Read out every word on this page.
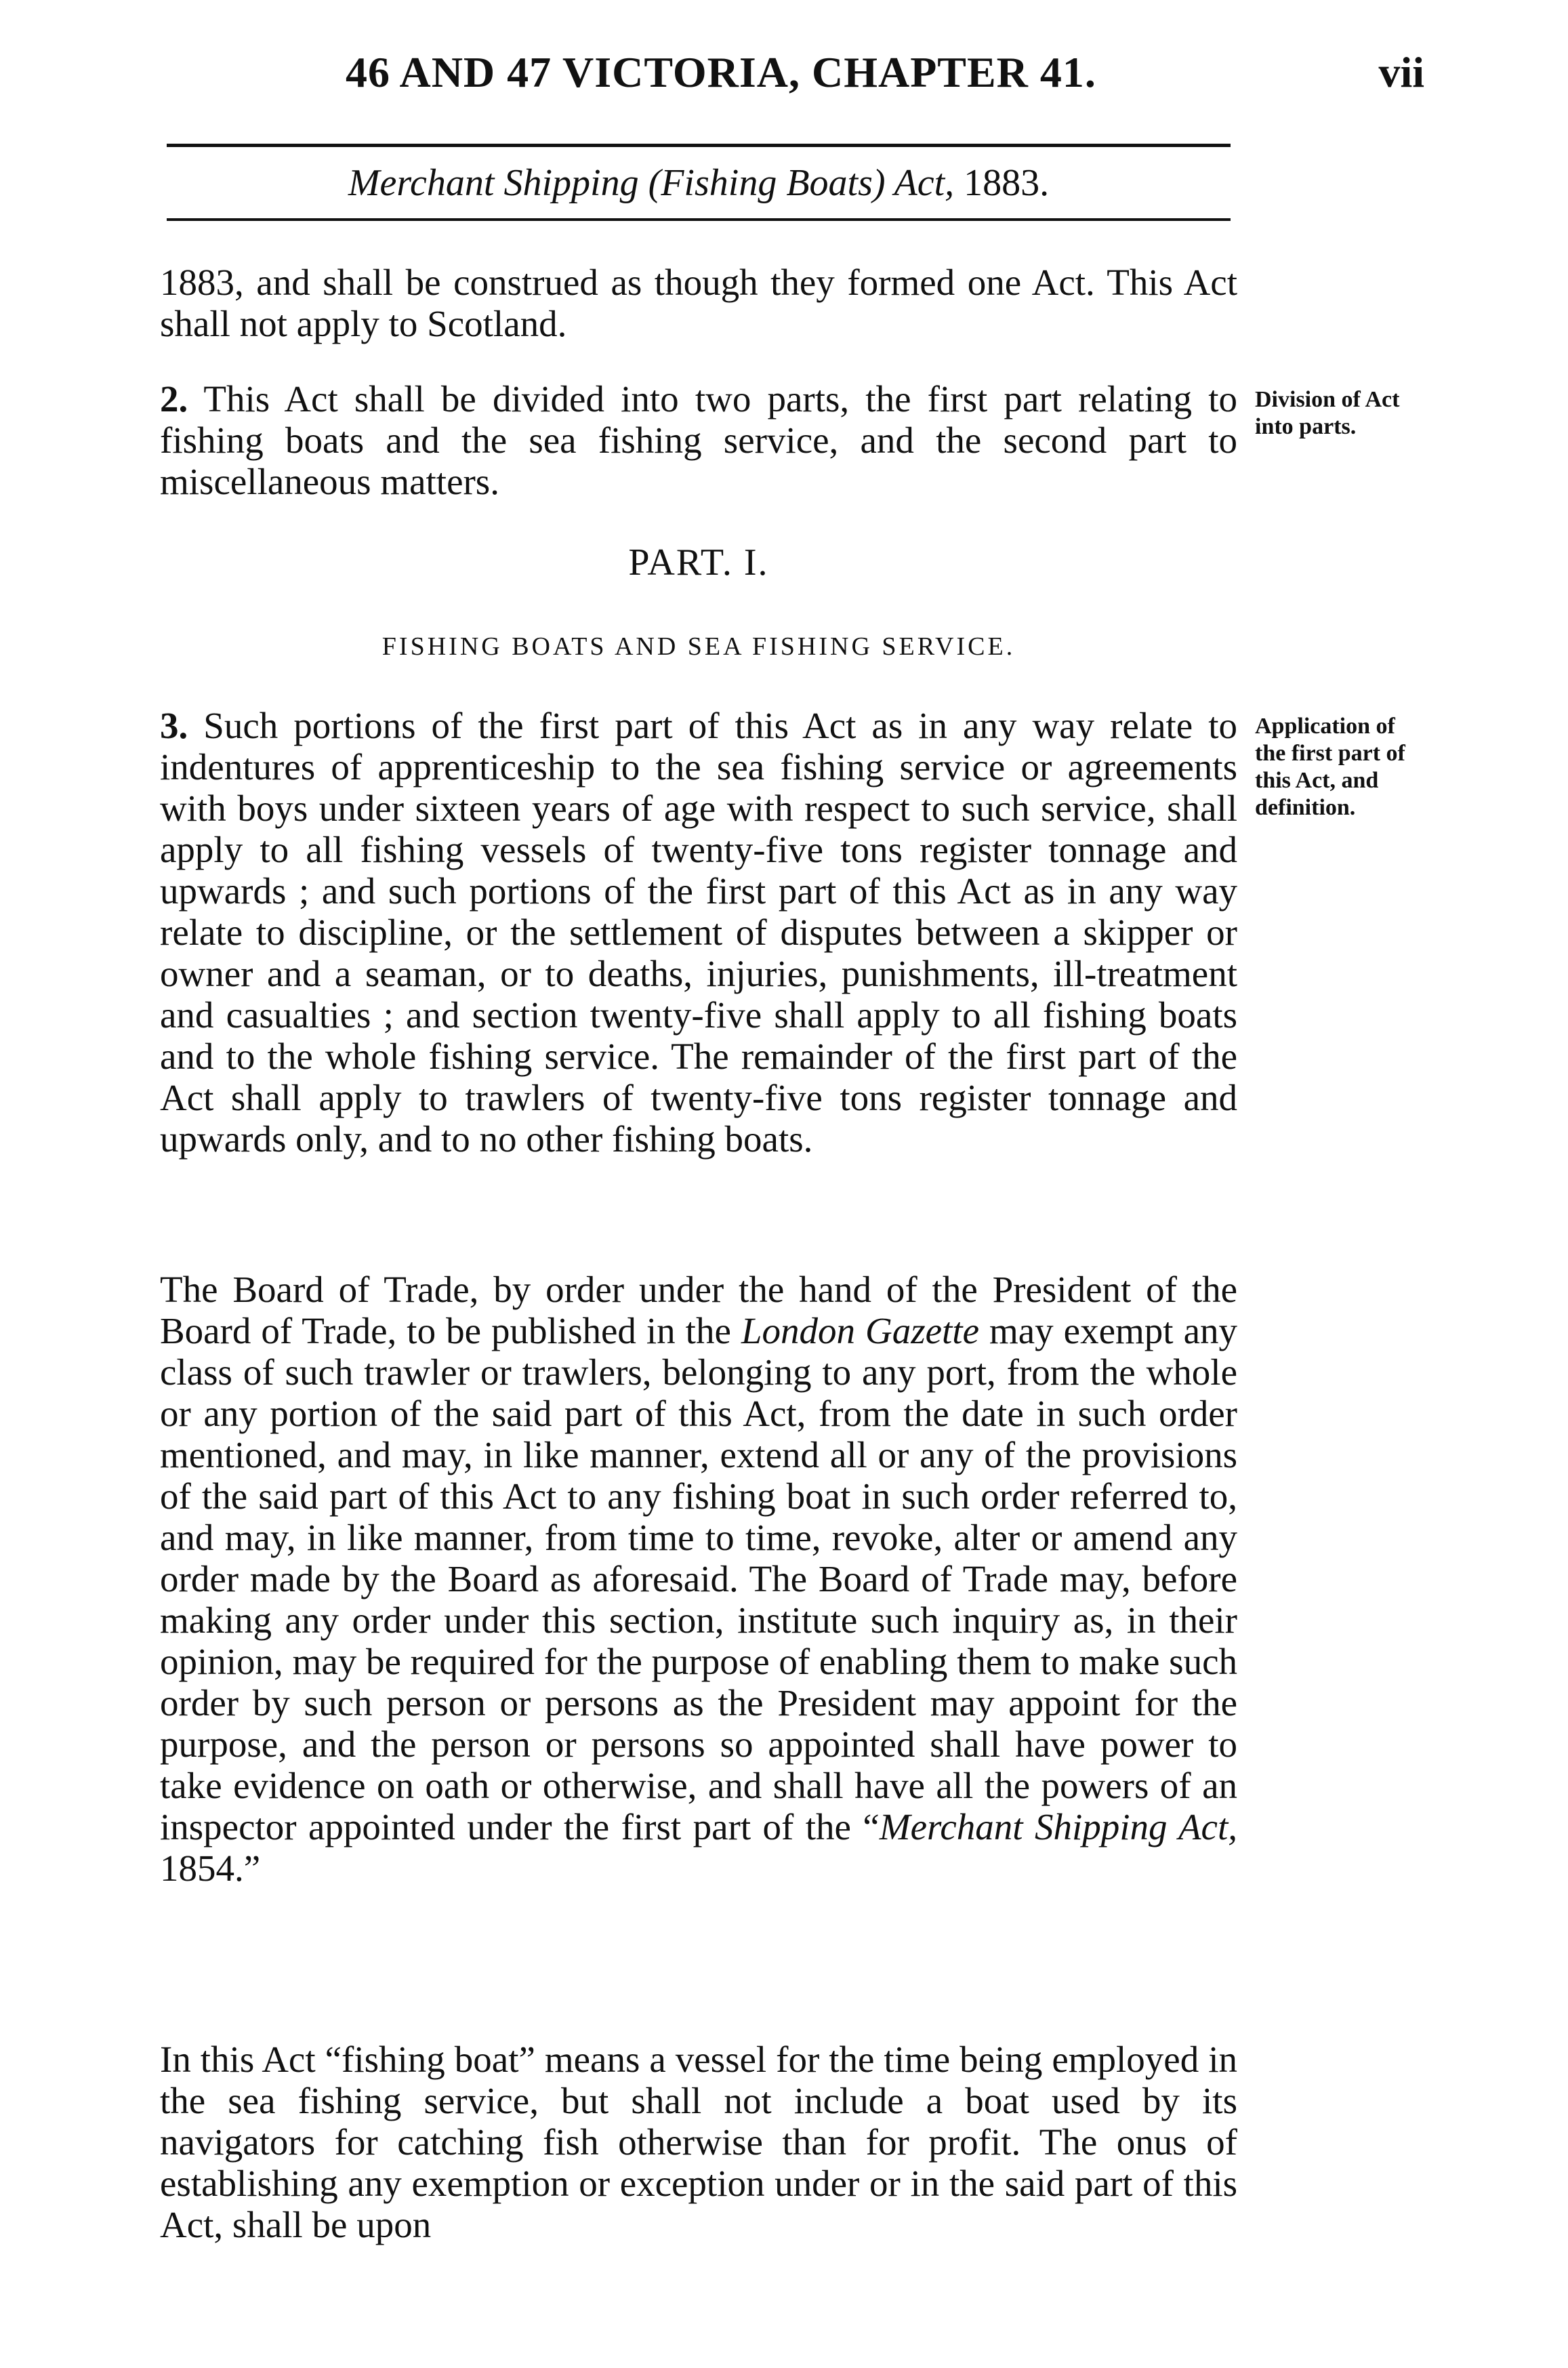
46 AND 47 VICTORIA, CHAPTER 41.	vii
Merchant Shipping (Fishing Boats) Act, 1883.
1883, and shall be construed as though they formed one Act. This Act shall not apply to Scotland.
2. This Act shall be divided into two parts, the first part relating to fishing boats and the sea fishing service, and the second part to miscellaneous matters.
Division of Act into parts.
PART. I.
FISHING BOATS AND SEA FISHING SERVICE.
3. Such portions of the first part of this Act as in any way relate to indentures of apprenticeship to the sea fishing service or agreements with boys under sixteen years of age with respect to such service, shall apply to all fishing vessels of twenty-five tons register tonnage and upwards ; and such portions of the first part of this Act as in any way relate to discipline, or the settlement of disputes between a skipper or owner and a seaman, or to deaths, injuries, punishments, ill-treatment and casualties ; and section twenty-five shall apply to all fishing boats and to the whole fishing service. The remainder of the first part of the Act shall apply to trawlers of twenty-five tons register tonnage and upwards only, and to no other fishing boats.
Application of the first part of this Act, and definition.
The Board of Trade, by order under the hand of the President of the Board of Trade, to be published in the London Gazette may exempt any class of such trawler or trawlers, belonging to any port, from the whole or any portion of the said part of this Act, from the date in such order mentioned, and may, in like manner, extend all or any of the provisions of the said part of this Act to any fishing boat in such order referred to, and may, in like manner, from time to time, revoke, alter or amend any order made by the Board as aforesaid. The Board of Trade may, before making any order under this section, institute such inquiry as, in their opinion, may be required for the purpose of enabling them to make such order by such person or persons as the President may appoint for the purpose, and the person or persons so appointed shall have power to take evidence on oath or otherwise, and shall have all the powers of an inspector appointed under the first part of the “Merchant Shipping Act, 1854.”
In this Act “fishing boat” means a vessel for the time being employed in the sea fishing service, but shall not include a boat used by its navigators for catching fish otherwise than for profit. The onus of establishing any exemption or exception under or in the said part of this Act, shall be upon
